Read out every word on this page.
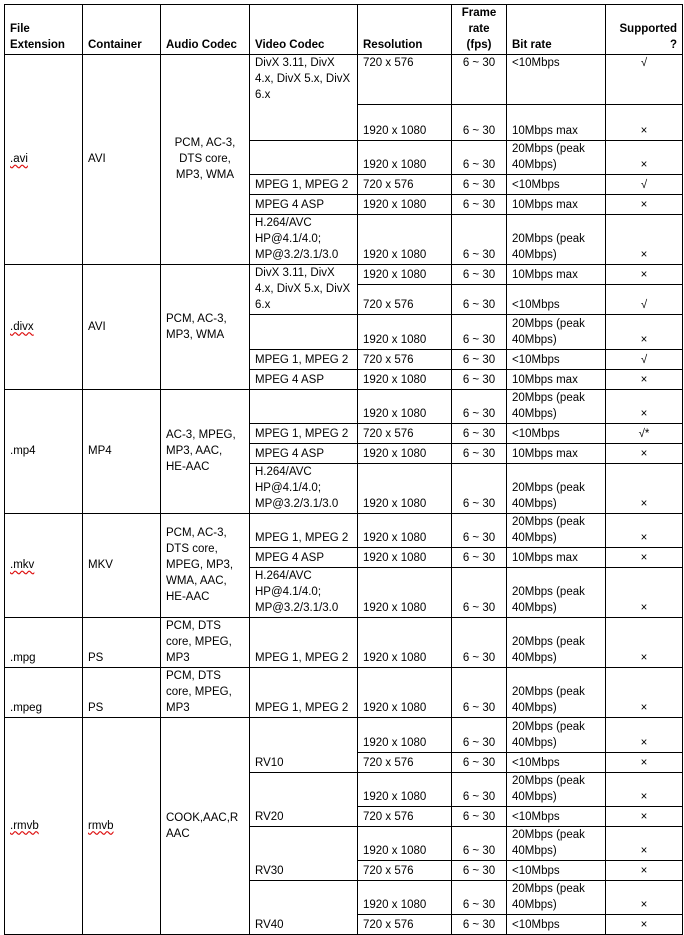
File Extension	Container	Audio Codec	Video Codec	Resolution	Frame rate (fps)	Bit rate	Supported ?
.avi	AVI	PCM, AC-3, DTS core, MP3, WMA	DivX 3.11, DivX 4.x, DivX 5.x, DivX 6.x	720 x 576	6 ~ 30	<10Mbps	√
				1920 x 1080	6 ~ 30	10Mbps max	×
				1920 x 1080	6 ~ 30	20Mbps (peak 40Mbps)	×
			MPEG 1, MPEG 2	720 x 576	6 ~ 30	<10Mbps	√
			MPEG 4 ASP	1920 x 1080	6 ~ 30	10Mbps max	×
			H.264/AVC HP@4.1/4.0; MP@3.2/3.1/3.0	1920 x 1080	6 ~ 30	20Mbps (peak 40Mbps)	×
.divx	AVI	PCM, AC-3, MP3, WMA	DivX 3.11, DivX 4.x, DivX 5.x, DivX 6.x	1920 x 1080	6 ~ 30	10Mbps max	×
				720 x 576	6 ~ 30	<10Mbps	√
				1920 x 1080	6 ~ 30	20Mbps (peak 40Mbps)	×
			MPEG 1, MPEG 2	720 x 576	6 ~ 30	<10Mbps	√
			MPEG 4 ASP	1920 x 1080	6 ~ 30	10Mbps max	×
.mp4	MP4	AC-3, MPEG, MP3, AAC, HE-AAC		1920 x 1080	6 ~ 30	20Mbps (peak 40Mbps)	×
			MPEG 1, MPEG 2	720 x 576	6 ~ 30	<10Mbps	√*
			MPEG 4 ASP	1920 x 1080	6 ~ 30	10Mbps max	×
			H.264/AVC HP@4.1/4.0; MP@3.2/3.1/3.0	1920 x 1080	6 ~ 30	20Mbps (peak 40Mbps)	×
.mkv	MKV	PCM, AC-3, DTS core, MPEG, MP3, WMA, AAC, HE-AAC	MPEG 1, MPEG 2	1920 x 1080	6 ~ 30	20Mbps (peak 40Mbps)	×
			MPEG 4 ASP	1920 x 1080	6 ~ 30	10Mbps max	×
			H.264/AVC HP@4.1/4.0; MP@3.2/3.1/3.0	1920 x 1080	6 ~ 30	20Mbps (peak 40Mbps)	×
.mpg	PS	PCM, DTS core, MPEG, MP3	MPEG 1, MPEG 2	1920 x 1080	6 ~ 30	20Mbps (peak 40Mbps)	×
.mpeg	PS	PCM, DTS core, MPEG, MP3	MPEG 1, MPEG 2	1920 x 1080	6 ~ 30	20Mbps (peak 40Mbps)	×
.rmvb	rmvb	COOK,AAC,RAAC	RV10	1920 x 1080	6 ~ 30	20Mbps (peak 40Mbps)	×
				720 x 576	6 ~ 30	<10Mbps	×
			RV20	1920 x 1080	6 ~ 30	20Mbps (peak 40Mbps)	×
				720 x 576	6 ~ 30	<10Mbps	×
			RV30	1920 x 1080	6 ~ 30	20Mbps (peak 40Mbps)	×
				720 x 576	6 ~ 30	<10Mbps	×
			RV40	1920 x 1080	6 ~ 30	20Mbps (peak 40Mbps)	×
				720 x 576	6 ~ 30	<10Mbps	×
